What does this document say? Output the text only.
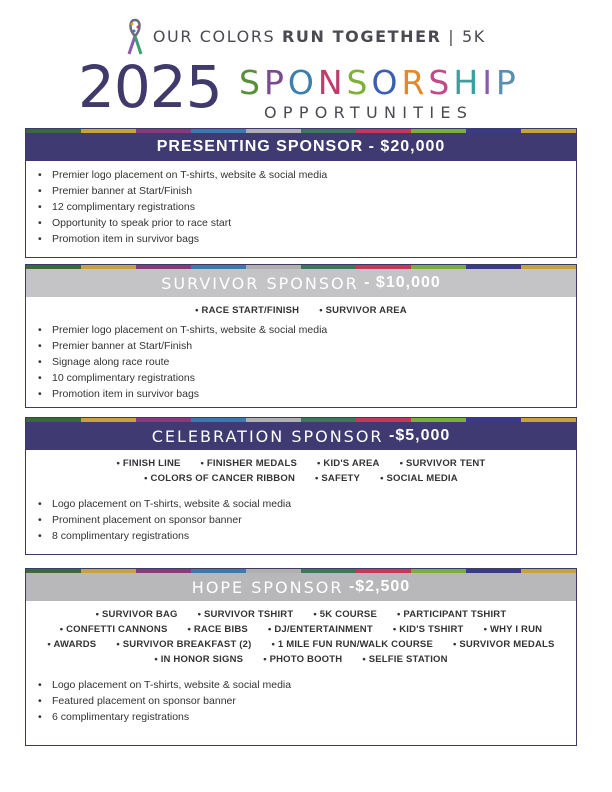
OUR COLORS RUN TOGETHER | 5K
2025 SPONSORSHIP
OPPORTUNITIES
PRESENTING SPONSOR
- $20,000
• Premier logo placement on T-shirts, website & social media
• Premier banner at Start/Finish
• 12 complimentary registrations
• Opportunity to speak prior to race start
• Promotion item in survivor bags
SURVIVOR SPONSOR
- $10,000
• RACE START/FINISH	• SURVIVOR AREA
• Premier logo placement on T-shirts, website & social media
• Premier banner at Start/Finish
• Signage along race route
• 10 complimentary registrations
• Promotion item in survivor bags
CELEBRATION SPONSOR
-$5,000
• FINISH LINE	• FINISHER MEDALS	• KID'S AREA	• SURVIVOR TENT
• COLORS OF CANCER RIBBON	• SAFETY	• SOCIAL MEDIA
• Logo placement on T-shirts, website & social media
• Prominent placement on sponsor banner
• 8 complimentary registrations
HOPE SPONSOR
-$2,500
• SURVIVOR BAG	• SURVIVOR TSHIRT	• 5K COURSE	• PARTICIPANT TSHIRT
• CONFETTI CANNONS	• RACE BIBS	• DJ/ENTERTAINMENT	• KID'S TSHIRT	• WHY I RUN
• AWARDS	• SURVIVOR BREAKFAST (2)	• 1 MILE FUN RUN/WALK COURSE	• SURVIVOR MEDALS
• IN HONOR SIGNS	• PHOTO BOOTH	• SELFIE STATION
• Logo placement on T-shirts, website & social media
• Featured placement on sponsor banner
• 6 complimentary registrations
